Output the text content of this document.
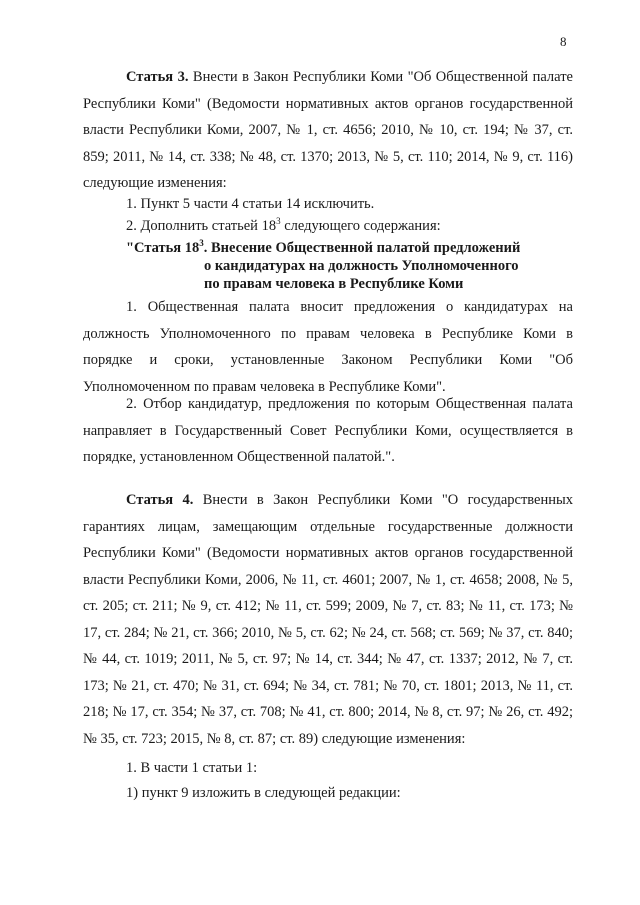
8
Статья 3. Внести в Закон Республики Коми "Об Общественной палате Республики Коми" (Ведомости нормативных актов органов государственной власти Республики Коми, 2007, № 1, ст. 4656; 2010, № 10, ст. 194; № 37, ст. 859; 2011, № 14, ст. 338; № 48, ст. 1370; 2013, № 5, ст. 110; 2014, № 9, ст. 116) следующие изменения:
1. Пункт 5 части 4 статьи 14 исключить.
2. Дополнить статьей $18^3$ следующего содержания:
"Статья $18^3$. Внесение Общественной палатой предложений
о кандидатурах на должность Уполномоченного
по правам человека в Республике Коми
1. Общественная палата вносит предложения о кандидатурах на должность Уполномоченного по правам человека в Республике Коми в порядке и сроки, установленные Законом Республики Коми "Об Уполномоченном по правам человека в Республике Коми".
2. Отбор кандидатур, предложения по которым Общественная палата направляет в Государственный Совет Республики Коми, осуществляется в порядке, установленном Общественной палатой.".
Статья 4. Внести в Закон Республики Коми "О государственных гарантиях лицам, замещающим отдельные государственные должности Республики Коми" (Ведомости нормативных актов органов государственной власти Республики Коми, 2006, № 11, ст. 4601; 2007, № 1, ст. 4658; 2008, № 5, ст. 205; ст. 211; № 9, ст. 412; № 11, ст. 599; 2009, № 7, ст. 83; № 11, ст. 173; № 17, ст. 284; № 21, ст. 366; 2010, № 5, ст. 62; № 24, ст. 568; ст. 569; № 37, ст. 840; № 44, ст. 1019; 2011, № 5, ст. 97; № 14, ст. 344; № 47, ст. 1337; 2012, № 7, ст. 173; № 21, ст. 470; № 31, ст. 694; № 34, ст. 781; № 70, ст. 1801; 2013, № 11, ст. 218; № 17, ст. 354; № 37, ст. 708; № 41, ст. 800; 2014, № 8, ст. 97; № 26, ст. 492; № 35, ст. 723; 2015, № 8, ст. 87; ст. 89) следующие изменения:
1. В части 1 статьи 1:
1) пункт 9 изложить в следующей редакции:
